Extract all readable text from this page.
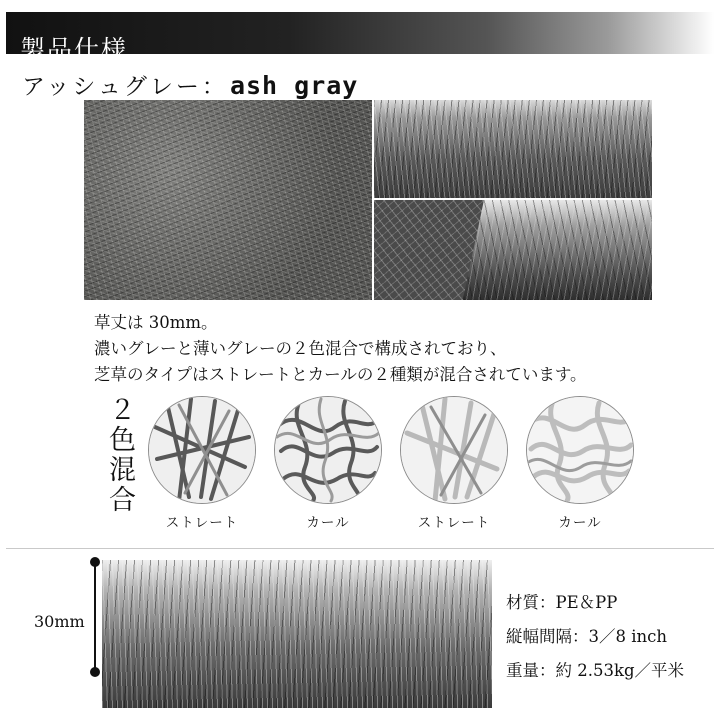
製品仕様
アッシュグレー： ash gray
草丈は 30mm。
濃いグレーと薄いグレーの２色混合で構成されており、
芝草のタイプはストレートとカールの２種類が混合されています。
２
色
混
合
ストレート	カール	ストレート	カール
30mm
材質：PE＆PP
縦幅間隔：3／8 inch
重量：約 2.53kg／平米
